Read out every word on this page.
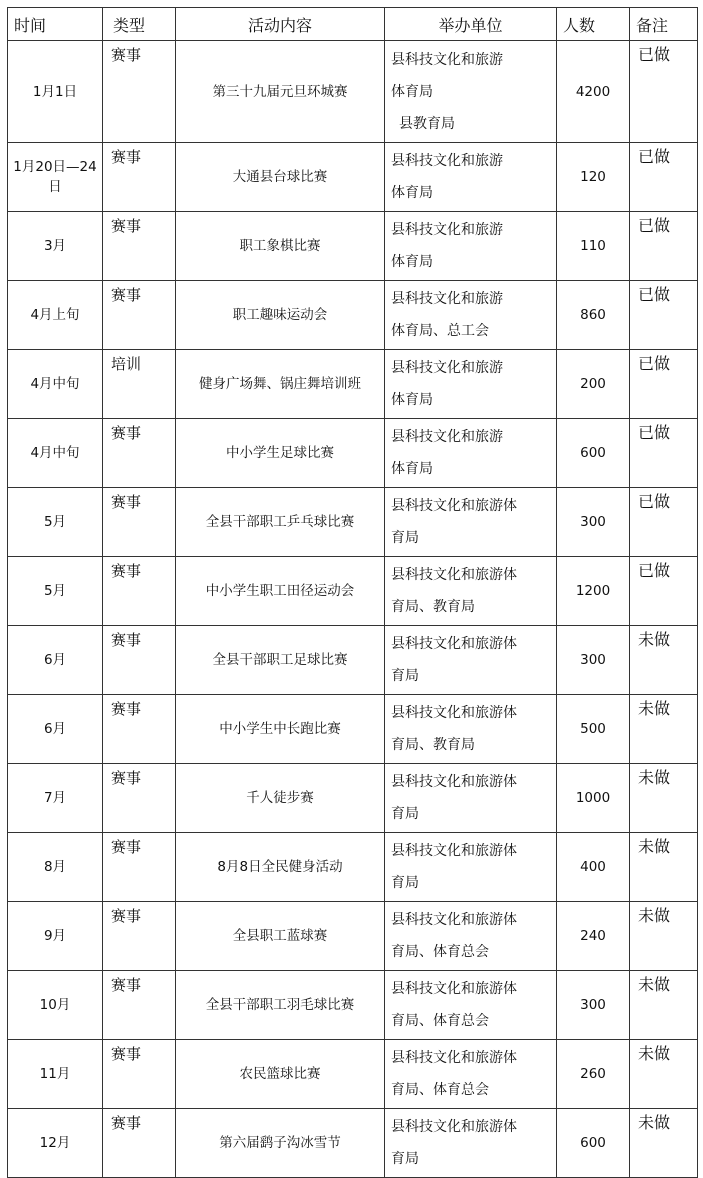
时间	类型	活动内容	举办单位	人数	备注
1月1日	赛事	第三十九届元旦环城赛	县科技文化和旅游
体育局
县教育局	4200	已做
1月20日—24日	赛事	大通县台球比赛	县科技文化和旅游
体育局	120	已做
3月	赛事	职工象棋比赛	县科技文化和旅游
体育局	110	已做
4月上旬	赛事	职工趣味运动会	县科技文化和旅游
体育局、总工会	860	已做
4月中旬	培训	健身广场舞、锅庄舞培训班	县科技文化和旅游
体育局	200	已做
4月中旬	赛事	中小学生足球比赛	县科技文化和旅游
体育局	600	已做
5月	赛事	全县干部职工乒乓球比赛	县科技文化和旅游体
育局	300	已做
5月	赛事	中小学生职工田径运动会	县科技文化和旅游体
育局、教育局	1200	已做
6月	赛事	全县干部职工足球比赛	县科技文化和旅游体
育局	300	未做
6月	赛事	中小学生中长跑比赛	县科技文化和旅游体
育局、教育局	500	未做
7月	赛事	千人徒步赛	县科技文化和旅游体
育局	1000	未做
8月	赛事	8月8日全民健身活动	县科技文化和旅游体
育局	400	未做
9月	赛事	全县职工蓝球赛	县科技文化和旅游体
育局、体育总会	240	未做
10月	赛事	全县干部职工羽毛球比赛	县科技文化和旅游体
育局、体育总会	300	未做
11月	赛事	农民篮球比赛	县科技文化和旅游体
育局、体育总会	260	未做
12月	赛事	第六届鹞子沟冰雪节	县科技文化和旅游体
育局	600	未做
